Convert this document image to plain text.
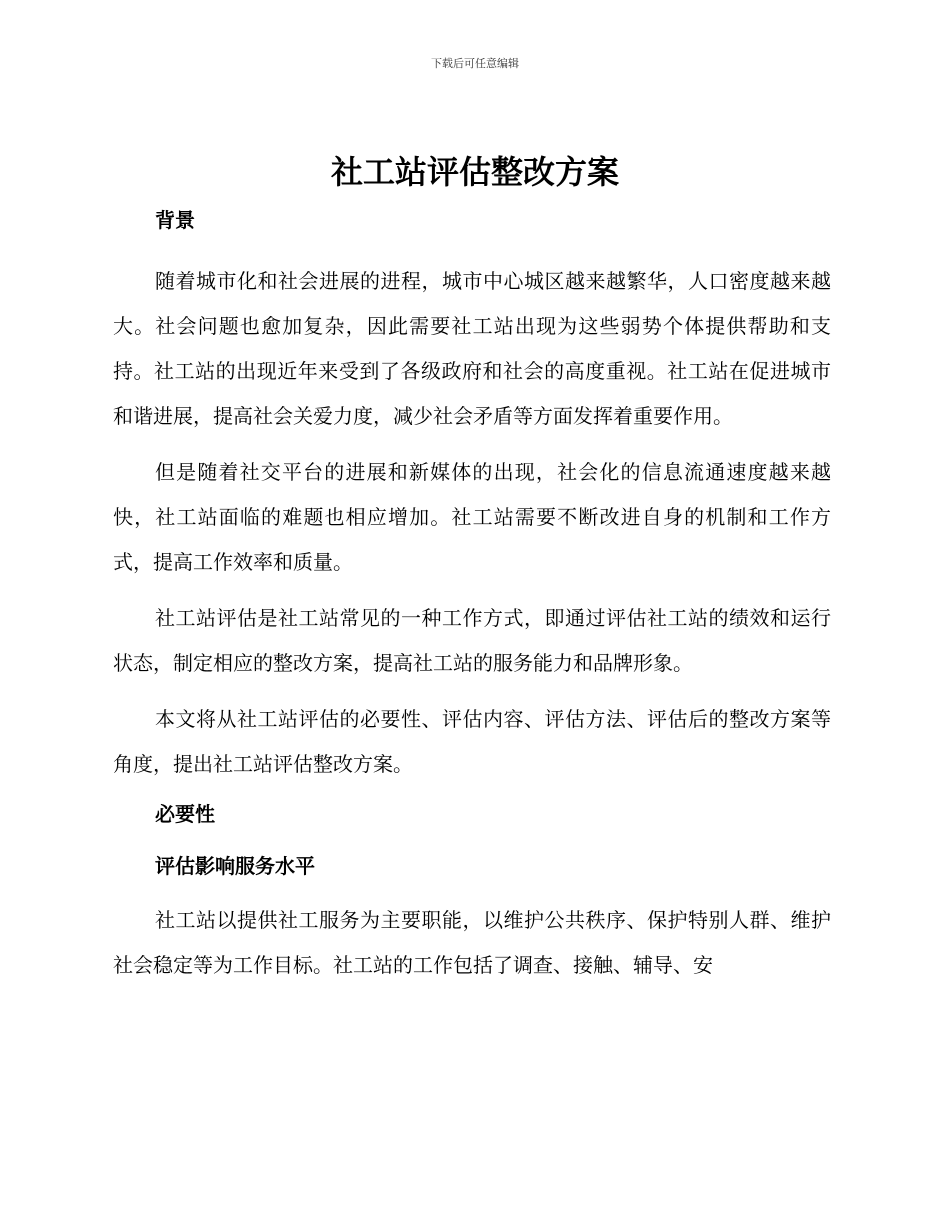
下载后可任意编辑
社工站评估整改方案

背景

随着城市化和社会进展的进程，城市中心城区越来越繁华，人口密度越来越大。社会问题也愈加复杂，因此需要社工站出现为这些弱势个体提供帮助和支持。社工站的出现近年来受到了各级政府和社会的高度重视。社工站在促进城市和谐进展，提高社会关爱力度，减少社会矛盾等方面发挥着重要作用。

但是随着社交平台的进展和新媒体的出现，社会化的信息流通速度越来越快，社工站面临的难题也相应增加。社工站需要不断改进自身的机制和工作方式，提高工作效率和质量。

社工站评估是社工站常见的一种工作方式，即通过评估社工站的绩效和运行状态，制定相应的整改方案，提高社工站的服务能力和品牌形象。

本文将从社工站评估的必要性、评估内容、评估方法、评估后的整改方案等角度，提出社工站评估整改方案。

必要性

评估影响服务水平

社工站以提供社工服务为主要职能，以维护公共秩序、保护特别人群、维护社会稳定等为工作目标。社工站的工作包括了调查、接触、辅导、安
